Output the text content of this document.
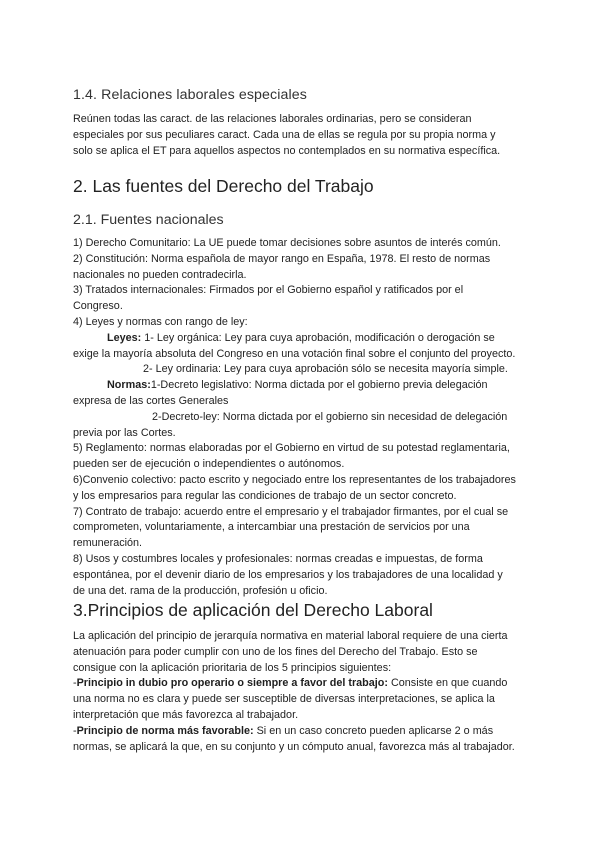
1.4. Relaciones laborales especiales
Reúnen todas las caract. de las relaciones laborales ordinarias, pero se consideran
especiales por sus peculiares caract. Cada una de ellas se regula por su propia norma y
solo se aplica el ET para aquellos aspectos no contemplados en su normativa específica.
2. Las fuentes del Derecho del Trabajo
2.1. Fuentes nacionales
1) Derecho Comunitario: La UE puede tomar decisiones sobre asuntos de interés común.
2) Constitución: Norma española de mayor rango en España, 1978. El resto de normas
nacionales no pueden contradecirla.
3) Tratados internacionales: Firmados por el Gobierno español y ratificados por el
Congreso.
4) Leyes y normas con rango de ley:
Leyes: 1- Ley orgánica: Ley para cuya aprobación, modificación o derogación se
exige la mayoría absoluta del Congreso en una votación final sobre el conjunto del proyecto.
2- Ley ordinaria: Ley para cuya aprobación sólo se necesita mayoría simple.
Normas:1-Decreto legislativo: Norma dictada por el gobierno previa delegación
expresa de las cortes Generales
2-Decreto-ley: Norma dictada por el gobierno sin necesidad de delegación
previa por las Cortes.
5) Reglamento: normas elaboradas por el Gobierno en virtud de su potestad reglamentaria,
pueden ser de ejecución o independientes o autónomos.
6)Convenio colectivo: pacto escrito y negociado entre los representantes de los trabajadores
y los empresarios para regular las condiciones de trabajo de un sector concreto.
7) Contrato de trabajo: acuerdo entre el empresario y el trabajador firmantes, por el cual se
comprometen, voluntariamente, a intercambiar una prestación de servicios por una
remuneración.
8) Usos y costumbres locales y profesionales: normas creadas e impuestas, de forma
espontánea, por el devenir diario de los empresarios y los trabajadores de una localidad y
de una det. rama de la producción, profesión u oficio.
3.Principios de aplicación del Derecho Laboral
La aplicación del principio de jerarquía normativa en material laboral requiere de una cierta
atenuación para poder cumplir con uno de los fines del Derecho del Trabajo. Esto se
consigue con la aplicación prioritaria de los 5 principios siguientes:
-Principio in dubio pro operario o siempre a favor del trabajo: Consiste en que cuando
una norma no es clara y puede ser susceptible de diversas interpretaciones, se aplica la
interpretación que más favorezca al trabajador.
-Principio de norma más favorable: Si en un caso concreto pueden aplicarse 2 o más
normas, se aplicará la que, en su conjunto y un cómputo anual, favorezca más al trabajador.
